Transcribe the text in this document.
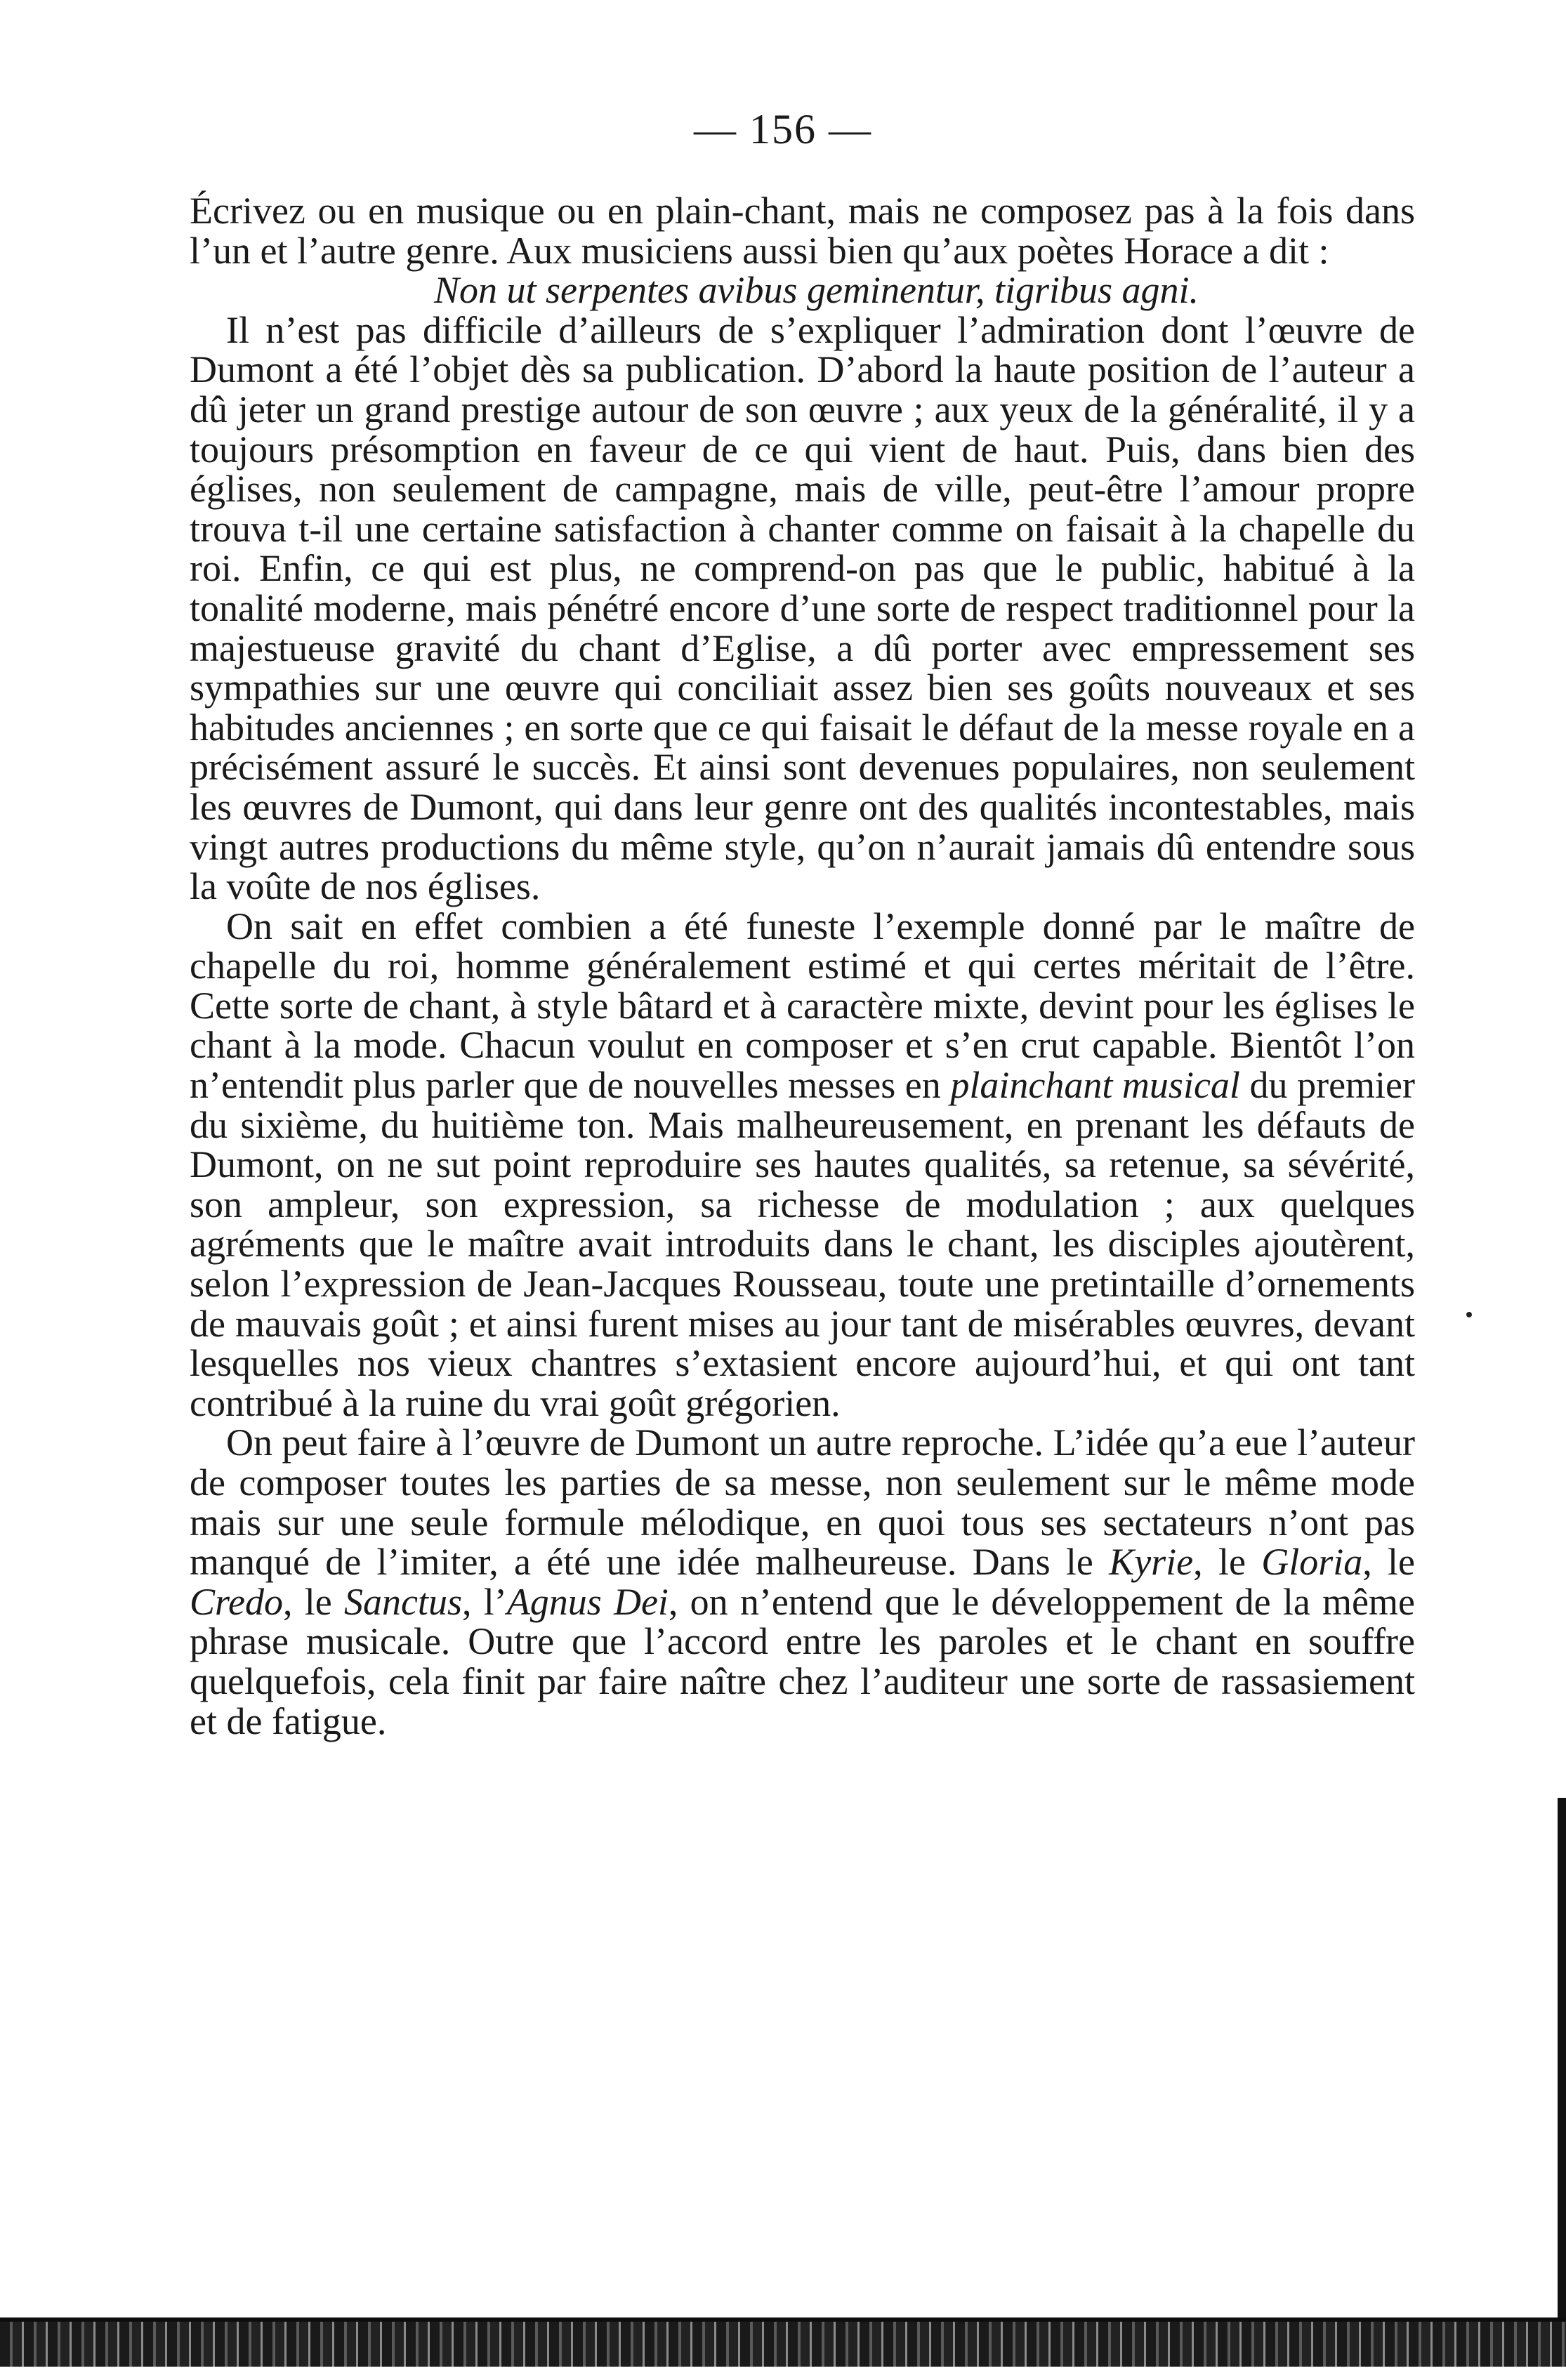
— 156 —

Écrivez ou en musique ou en plain-chant, mais ne composez pas à la fois dans l’un et l’autre genre. Aux musiciens aussi bien qu’aux poètes Horace a dit :

Non ut serpentes avibus geminentur, tigribus agni.

Il n’est pas difficile d’ailleurs de s’expliquer l’admiration dont l’œuvre de Dumont a été l’objet dès sa publication. D’abord la haute position de l’auteur a dû jeter un grand prestige autour de son œuvre ; aux yeux de la généralité, il y a toujours présomption en faveur de ce qui vient de haut. Puis, dans bien des églises, non seulement de campagne, mais de ville, peut-être l’amour propre trouva t-il une certaine satisfaction à chanter comme on faisait à la chapelle du roi. Enfin, ce qui est plus, ne comprend-on pas que le public, habitué à la tonalité moderne, mais pénétré encore d’une sorte de respect traditionnel pour la majestueuse gravité du chant d’Eglise, a dû porter avec empressement ses sympathies sur une œuvre qui conciliait assez bien ses goûts nouveaux et ses habitudes anciennes ; en sorte que ce qui faisait le défaut de la messe royale en a précisément assuré le succès. Et ainsi sont devenues populaires, non seulement les œuvres de Dumont, qui dans leur genre ont des qualités incontestables, mais vingt autres productions du même style, qu’on n’aurait jamais dû entendre sous la voûte de nos églises.

On sait en effet combien a été funeste l’exemple donné par le maître de chapelle du roi, homme généralement estimé et qui certes méritait de l’être. Cette sorte de chant, à style bâtard et à caractère mixte, devint pour les églises le chant à la mode. Chacun voulut en composer et s’en crut capable. Bientôt l’on n’entendit plus parler que de nouvelles messes en plainchant musical du premier du sixième, du huitième ton. Mais malheureusement, en prenant les défauts de Dumont, on ne sut point reproduire ses hautes qualités, sa retenue, sa sévérité, son ampleur, son expression, sa richesse de modulation ; aux quelques agréments que le maître avait introduits dans le chant, les disciples ajoutèrent, selon l’expression de Jean-Jacques Rousseau, toute une pretintaille d’ornements de mauvais goût ; et ainsi furent mises au jour tant de misérables œuvres, devant lesquelles nos vieux chantres s’extasient encore aujourd’hui, et qui ont tant contribué à la ruine du vrai goût grégorien.

On peut faire à l’œuvre de Dumont un autre reproche. L’idée qu’a eue l’auteur de composer toutes les parties de sa messe, non seulement sur le même mode mais sur une seule formule mélodique, en quoi tous ses sectateurs n’ont pas manqué de l’imiter, a été une idée malheureuse. Dans le Kyrie, le Gloria, le Credo, le Sanctus, l’Agnus Dei, on n’entend que le développement de la même phrase musicale. Outre que l’accord entre les paroles et le chant en souffre quelquefois, cela finit par faire naître chez l’auditeur une sorte de rassasiement et de fatigue.
